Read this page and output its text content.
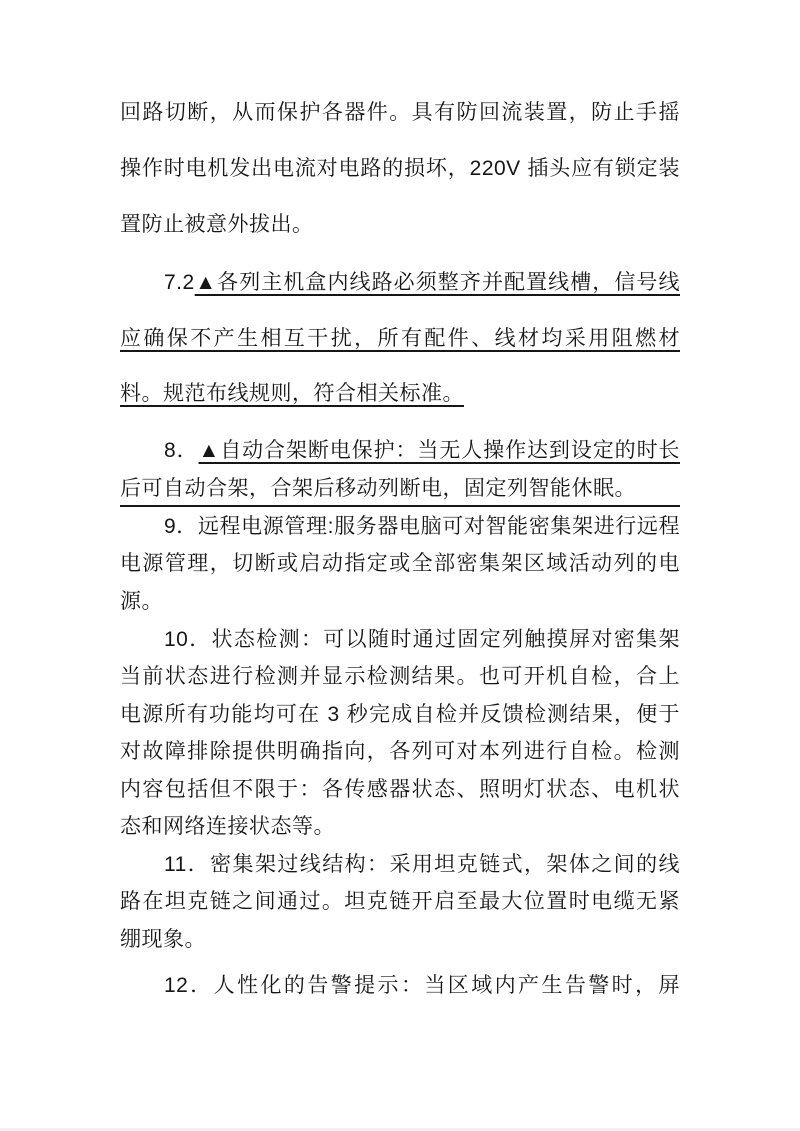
回路切断，从而保护各器件。具有防回流装置，防止手摇
操作时电机发出电流对电路的损坏，220V 插头应有锁定装
置防止被意外拔出。
7.2▲各列主机盒内线路必须整齐并配置线槽，信号线
应确保不产生相互干扰，所有配件、线材均采用阻燃材
料。规范布线规则，符合相关标准。
8．▲自动合架断电保护：当无人操作达到设定的时长
后可自动合架，合架后移动列断电，固定列智能休眠。
9．远程电源管理:服务器电脑可对智能密集架进行远程
电源管理，切断或启动指定或全部密集架区域活动列的电
源。
10．状态检测：可以随时通过固定列触摸屏对密集架
当前状态进行检测并显示检测结果。也可开机自检，合上
电源所有功能均可在 3 秒完成自检并反馈检测结果，便于
对故障排除提供明确指向，各列可对本列进行自检。检测
内容包括但不限于：各传感器状态、照明灯状态、电机状
态和网络连接状态等。
11．密集架过线结构：采用坦克链式，架体之间的线
路在坦克链之间通过。坦克链开启至最大位置时电缆无紧
绷现象。
12．人性化的告警提示：当区域内产生告警时，屏
